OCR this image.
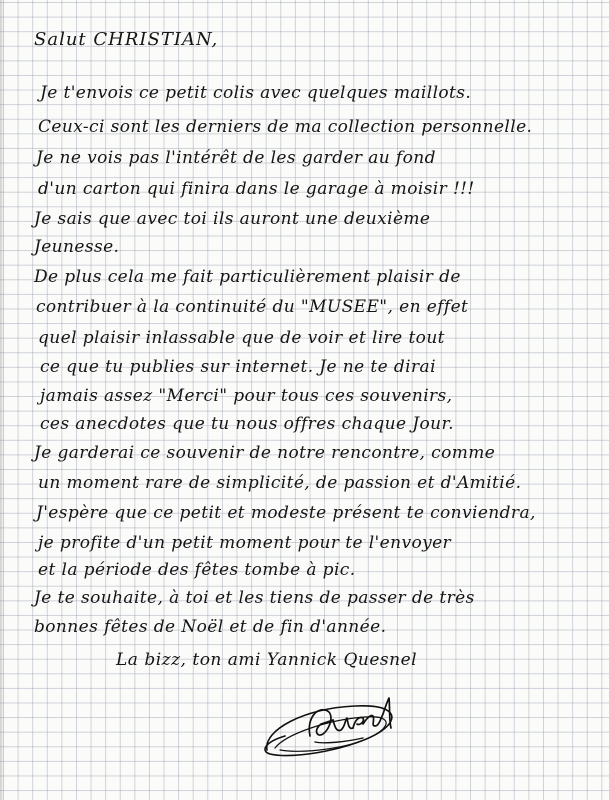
Salut CHRISTIAN,
Je t'envois ce petit colis avec quelques maillots.
Ceux-ci sont les derniers de ma collection personnelle.
Je ne vois pas l'intérêt de les garder au fond
d'un carton qui finira dans le garage à moisir !!!
Je sais que avec toi ils auront une deuxième
Jeunesse.
De plus cela me fait particulièrement plaisir de
contribuer à la continuité du "MUSEE", en effet
quel plaisir inlassable que de voir et lire tout
ce que tu publies sur internet. Je ne te dirai
jamais assez "Merci" pour tous ces souvenirs,
ces anecdotes que tu nous offres chaque Jour.
Je garderai ce souvenir de notre rencontre, comme
un moment rare de simplicité, de passion et d'Amitié.
J'espère que ce petit et modeste présent te conviendra,
je profite d'un petit moment pour te l'envoyer
et la période des fêtes tombe à pic.
Je te souhaite, à toi et les tiens de passer de très
bonnes fêtes de Noël et de fin d'année.
La bizz, ton ami Yannick Quesnel
